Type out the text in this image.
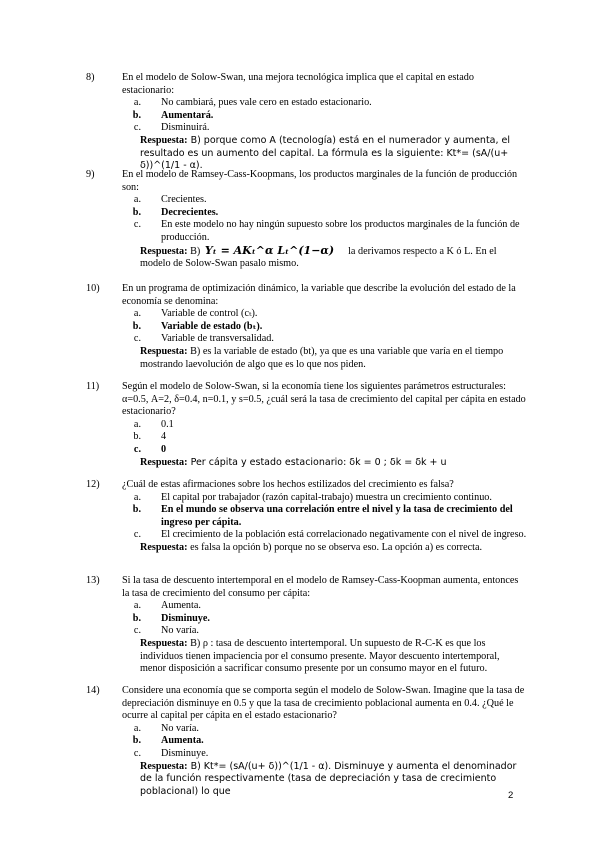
8)	En el modelo de Solow-Swan, una mejora tecnológica implica que el capital en estado estacionario:
a.	No cambiará, pues vale cero en estado estacionario.
b.	Aumentará.
c.	Disminuirá.
Respuesta: B) porque como A (tecnología) está en el numerador y aumenta, el resultado es un aumento del capital. La fórmula es la siguiente: Kt*= (sA/(u+ δ))^(1/1 - α).
9)	En el modelo de Ramsey-Cass-Koopmans, los productos marginales de la función de producción son:
a.	Crecientes.
b.	Decrecientes.
c.	En este modelo no hay ningún supuesto sobre los productos marginales de la función de producción.
Respuesta: B) Yₜ = AKₜ^α Lₜ^(1−α) la derivamos respecto a K ó L. En el modelo de Solow-Swan pasalo mismo.
10)	En un programa de optimización dinámico, la variable que describe la evolución del estado de la economía se denomina:
a.	Variable de control (cₜ).
b.	Variable de estado (bₜ).
c.	Variable de transversalidad.
Respuesta: B) es la variable de estado (bt), ya que es una variable que varía en el tiempo mostrando laevolución de algo que es lo que nos piden.
11)	Según el modelo de Solow-Swan, si la economía tiene los siguientes parámetros estructurales: α=0.5, A=2, δ=0.4, n=0.1, y s=0.5, ¿cuál será la tasa de crecimiento del capital per cápita en estado estacionario?
a.	0.1
b.	4
c.	0
Respuesta: Per cápita y estado estacionario: δk = 0 ; δk = δk + u
12)	¿Cuál de estas afirmaciones sobre los hechos estilizados del crecimiento es falsa?
a.	El capital por trabajador (razón capital-trabajo) muestra un crecimiento continuo.
b.	En el mundo se observa una correlación entre el nivel y la tasa de crecimiento del ingreso per cápita.
c.	El crecimiento de la población está correlacionado negativamente con el nivel de ingreso.
Respuesta: es falsa la opción b) porque no se observa eso. La opción a) es correcta.
13)	Si la tasa de descuento intertemporal en el modelo de Ramsey-Cass-Koopman aumenta, entonces la tasa de crecimiento del consumo per cápita:
a.	Aumenta.
b.	Disminuye.
c.	No varía.
Respuesta: B) ρ : tasa de descuento intertemporal. Un supuesto de R-C-K es que los individuos tienen impaciencia por el consumo presente. Mayor descuento intertemporal, menor disposición a sacrificar consumo presente por un consumo mayor en el futuro.
14)	Considere una economía que se comporta según el modelo de Solow-Swan. Imagine que la tasa de depreciación disminuye en 0.5 y que la tasa de crecimiento poblacional aumenta en 0.4. ¿Qué le ocurre al capital per cápita en el estado estacionario?
a.	No varía.
b.	Aumenta.
c.	Disminuye.
Respuesta: B) Kt*= (sA/(u+ δ))^(1/1 - α). Disminuye y aumenta el denominador de la función respectivamente (tasa de depreciación y tasa de crecimiento poblacional) lo que	2
